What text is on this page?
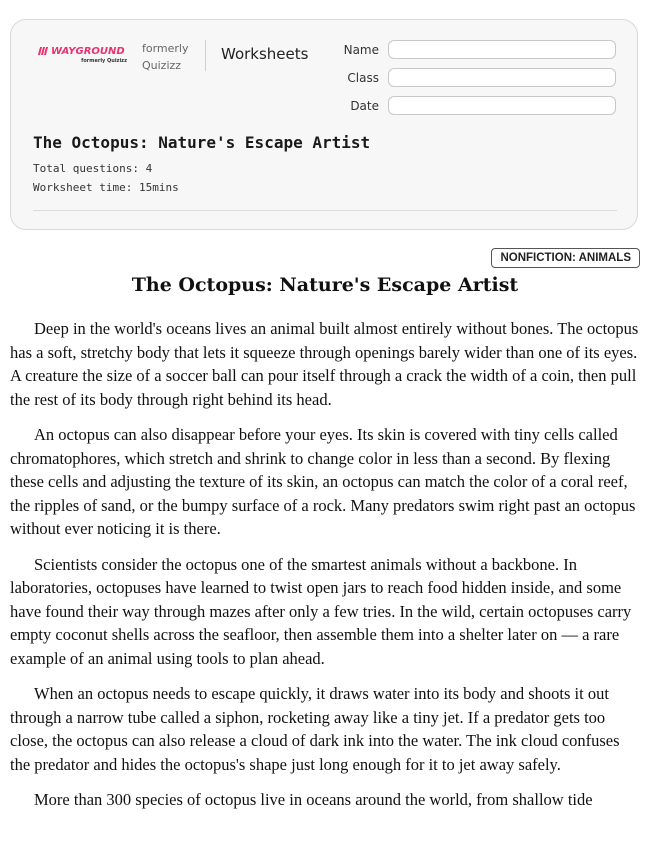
WAYGROUND
formerly Quizizz
formerly Quizizz
Worksheets	Name
Class
Date
The Octopus: Nature's Escape Artist
Total questions: 4
Worksheet time: 15mins
NONFICTION: ANIMALS
The Octopus: Nature's Escape Artist

Deep in the world's oceans lives an animal built almost entirely without bones. The octopus has a soft, stretchy body that lets it squeeze through openings barely wider than one of its eyes. A creature the size of a soccer ball can pour itself through a crack the width of a coin, then pull the rest of its body through right behind its head.

An octopus can also disappear before your eyes. Its skin is covered with tiny cells called chromatophores, which stretch and shrink to change color in less than a second. By flexing these cells and adjusting the texture of its skin, an octopus can match the color of a coral reef, the ripples of sand, or the bumpy surface of a rock. Many predators swim right past an octopus without ever noticing it is there.

Scientists consider the octopus one of the smartest animals without a backbone. In laboratories, octopuses have learned to twist open jars to reach food hidden inside, and some have found their way through mazes after only a few tries. In the wild, certain octopuses carry empty coconut shells across the seafloor, then assemble them into a shelter later on — a rare example of an animal using tools to plan ahead.

When an octopus needs to escape quickly, it draws water into its body and shoots it out through a narrow tube called a siphon, rocketing away like a tiny jet. If a predator gets too close, the octopus can also release a cloud of dark ink into the water. The ink cloud confuses the predator and hides the octopus's shape just long enough for it to jet away safely.

More than 300 species of octopus live in oceans around the world, from shallow tide
